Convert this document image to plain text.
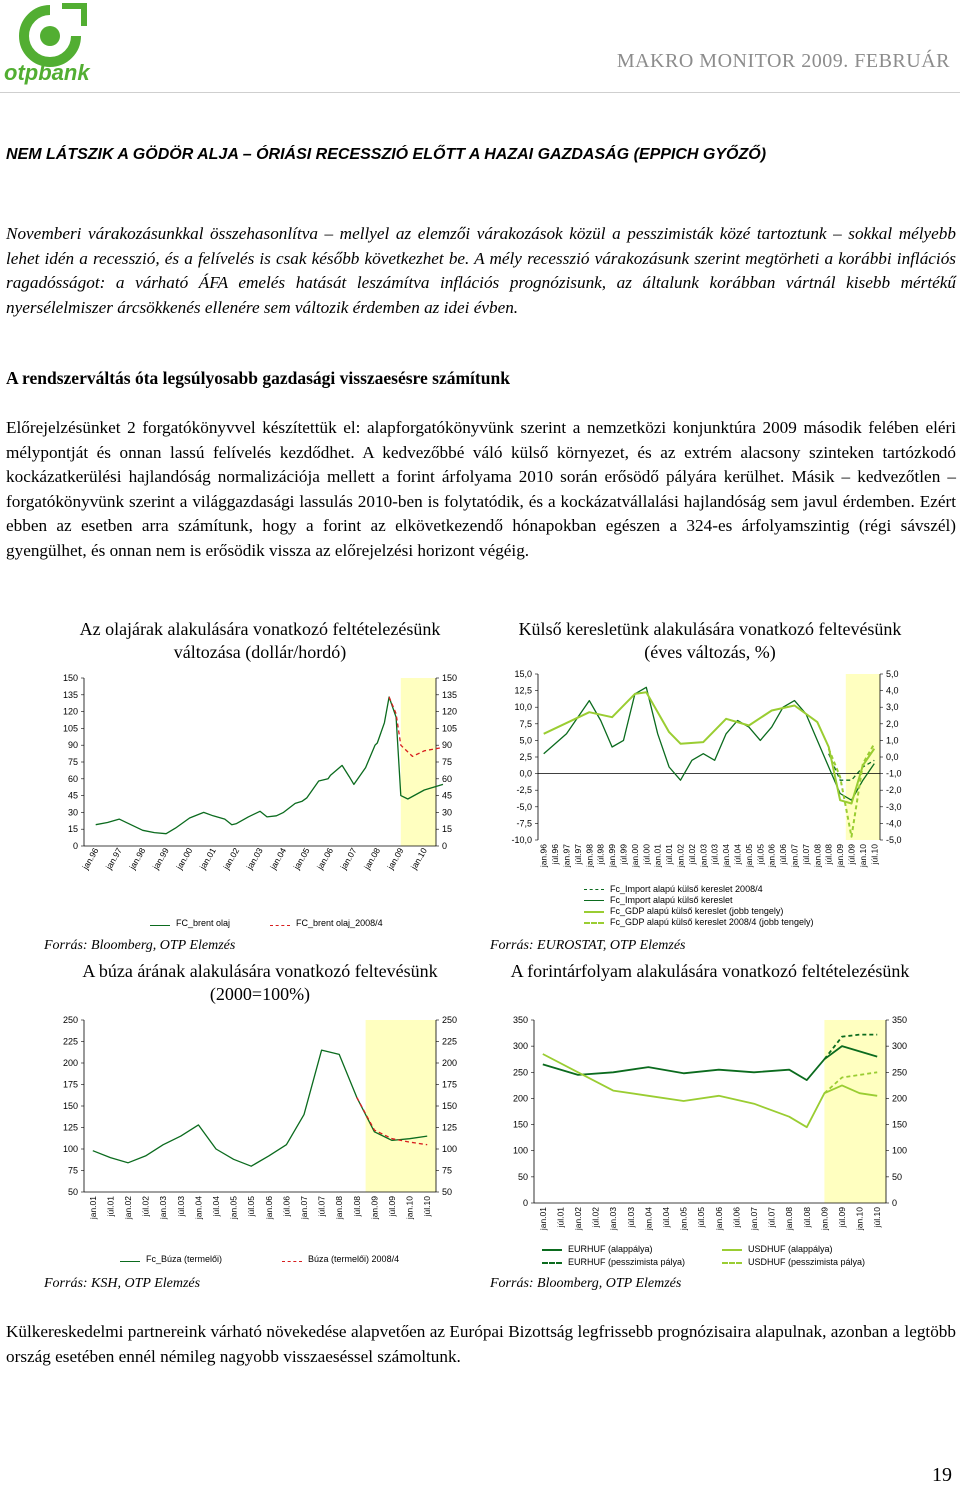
otpbank	MAKRO MONITOR 2009. FEBRUÁR
NEM LÁTSZIK A GÖDÖR ALJA – ÓRIÁSI RECESSZIÓ ELŐTT A HAZAI GAZDASÁG (EPPICH GYŐZŐ)
Novemberi várakozásunkkal összehasonlítva – mellyel az elemzői várakozások közül a pesszimisták közé tartoztunk – sokkal mélyebb lehet idén a recesszió, és a felívelés is csak később következhet be. A mély recesszió várakozásunk szerint megtörheti a korábbi inflációs ragadósságot: a várható ÁFA emelés hatását leszámítva inflációs prognózisunk, az általunk korábban vártnál kisebb mértékű nyersélelmiszer árcsökkenés ellenére sem változik érdemben az idei évben.
A rendszerváltás óta legsúlyosabb gazdasági visszaesésre számítunk
Előrejelzésünket 2 forgatókönyvvel készítettük el: alapforgatókönyvünk szerint a nemzetközi konjunktúra 2009 második felében eléri mélypontját és onnan lassú felívelés kezdődhet. A kedvezőbbé váló külső környezet, és az extrém alacsony szinteken tartózkodó kockázatkerülési hajlandóság normalizációja mellett a forint árfolyama 2010 során erősödő pályára kerülhet. Másik – kedvezőtlen – forgatókönyvünk szerint a világgazdasági lassulás 2010-ben is folytatódik, és a kockázatvállalási hajlandóság sem javul érdemben. Ezért ebben az esetben arra számítunk, hogy a forint az elkövetkezendő hónapokban egészen a 324-es árfolyamszintig (régi sávszél) gyengülhet, és onnan nem is erősödik vissza az előrejelzési horizont végéig.
Az olajárak alakulására vonatkozó feltételezésünk változása (dollár/hordó)
Külső keresletünk alakulására vonatkozó feltevésünk (éves változás, %)
A búza árának alakulására vonatkozó feltevésünk (2000=100%)
A forintárfolyam alakulására vonatkozó feltételezésünk
0	0
15	15
30	30
45	45
60	60
75	75
90	90
105	105
120	120
135	135
150	150
jan.96 jan.97 jan.98 jan.99 jan.00 jan.01 jan.02 jan.03 jan.04 jan.05 jan.06 jan.07 jan.08 jan.09 jan.10
15,0	5,0
12,5	4,0
10,0	3,0
7,5	2,0
5,0	1,0
2,5	0,0
0,0	-1,0
-2,5	-2,0
-5,0	-3,0
-7,5	-4,0
-10,0	-5,0
jan.96 júl.96 jan.97 júl.97 jan.98 júl.98 jan.99 júl.99 jan.00 júl.00 jan.01 júl.01 jan.02 júl.02 jan.03 júl.03 jan.04 júl.04 jan.05 júl.05 jan.06 júl.06 jan.07 júl.07 jan.08 júl.08 jan.09 júl.09 jan.10 júl.10
50	50
75	75
100	100
125	125
150	150
175	175
200	200
225	225
250	250
jan.01 júl.01 jan.02 júl.02 jan.03 júl.03 jan.04 júl.04 jan.05 júl.05 jan.06 júl.06 jan.07 júl.07 jan.08 júl.08 jan.09 júl.09 jan.10 júl.10	0	0
50	50
100	100
150	150
200	200
250	250
300	300
350	350
jan.01 júl.01 jan.02 júl.02 jan.03 júl.03 jan.04 júl.04 jan.05 júl.05 jan.06 júl.06 jan.07 júl.07 jan.08 júl.08 jan.09 júl.09 jan.10 júl.10
FC_brent olaj	FC_brent olaj_2008/4
Fc_Import alapú külső kereslet 2008/4
Fc_Import alapú külső kereslet
Fc_GDP alapú külső kereslet (jobb tengely)
Fc_GDP alapú külső kereslet 2008/4 (jobb tengely)
Fc_Búza (termelői)	Búza (termelői) 2008/4
EURHUF (alappálya)	USDHUF (alappálya)
EURHUF (pesszimista pálya)	USDHUF (pesszimista pálya)
Forrás: Bloomberg, OTP Elemzés	Forrás: EUROSTAT, OTP Elemzés
Forrás: KSH, OTP Elemzés	Forrás: Bloomberg, OTP Elemzés
Külkereskedelmi partnereink várható növekedése alapvetően az Európai Bizottság legfrissebb prognózisaira alapulnak, azonban a legtöbb ország esetében ennél némileg nagyobb visszaeséssel számoltunk.
19
